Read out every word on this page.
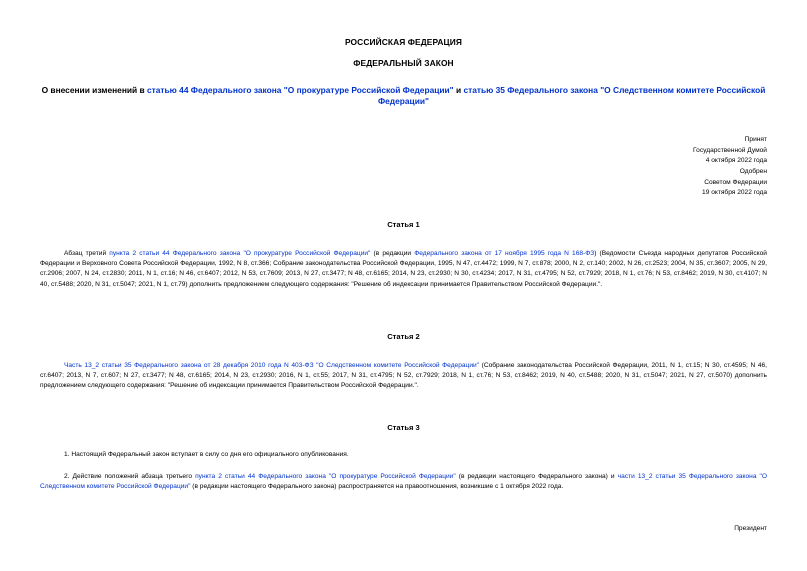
РОССИЙСКАЯ ФЕДЕРАЦИЯ
ФЕДЕРАЛЬНЫЙ ЗАКОН
О внесении изменений в статью 44 Федерального закона "О прокуратуре Российской Федерации" и статью 35 Федерального закона "О Следственном комитете Российской Федерации"
Принят
Государственной Думой
4 октября 2022 года
Одобрен
Советом Федерации
19 октября 2022 года
Статья 1
Абзац третий пункта 2 статьи 44 Федерального закона "О прокуратуре Российской Федерации" (в редакции Федерального закона от 17 ноября 1995 года N 168-ФЗ) (Ведомости Съезда народных депутатов Российской Федерации и Верховного Совета Российской Федерации, 1992, N 8, ст.366; Собрание законодательства Российской Федерации, 1995, N 47, ст.4472; 1999, N 7, ст.878; 2000, N 2, ст.140; 2002, N 26, ст.2523; 2004, N 35, ст.3607; 2005, N 29, ст.2906; 2007, N 24, ст.2830; 2011, N 1, ст.16; N 46, ст.6407; 2012, N 53, ст.7609; 2013, N 27, ст.3477; N 48, ст.6165; 2014, N 23, ст.2930; N 30, ст.4234; 2017, N 31, ст.4795; N 52, ст.7929; 2018, N 1, ст.76; N 53, ст.8462; 2019, N 30, ст.4107; N 40, ст.5488; 2020, N 31, ст.5047; 2021, N 1, ст.79) дополнить предложением следующего содержания: "Решение об индексации принимается Правительством Российской Федерации.".
Статья 2
Часть 13_2 статьи 35 Федерального закона от 28 декабря 2010 года N 403-ФЗ "О Следственном комитете Российской Федерации" (Собрание законодательства Российской Федерации, 2011, N 1, ст.15; N 30, ст.4595; N 46, ст.6407; 2013, N 7, ст.607; N 27, ст.3477; N 48, ст.6165; 2014, N 23, ст.2930; 2016, N 1, ст.55; 2017, N 31, ст.4795; N 52, ст.7929; 2018, N 1, ст.76; N 53, ст.8462; 2019, N 40, ст.5488; 2020, N 31, ст.5047; 2021, N 27, ст.5070) дополнить предложением следующего содержания: "Решение об индексации принимается Правительством Российской Федерации.".
Статья 3
1. Настоящий Федеральный закон вступает в силу со дня его официального опубликования.
2. Действие положений абзаца третьего пункта 2 статьи 44 Федерального закона "О прокуратуре Российской Федерации" (в редакции настоящего Федерального закона) и части 13_2 статьи 35 Федерального закона "О Следственном комитете Российской Федерации" (в редакции настоящего Федерального закона) распространяется на правоотношения, возникшие с 1 октября 2022 года.
Президент
